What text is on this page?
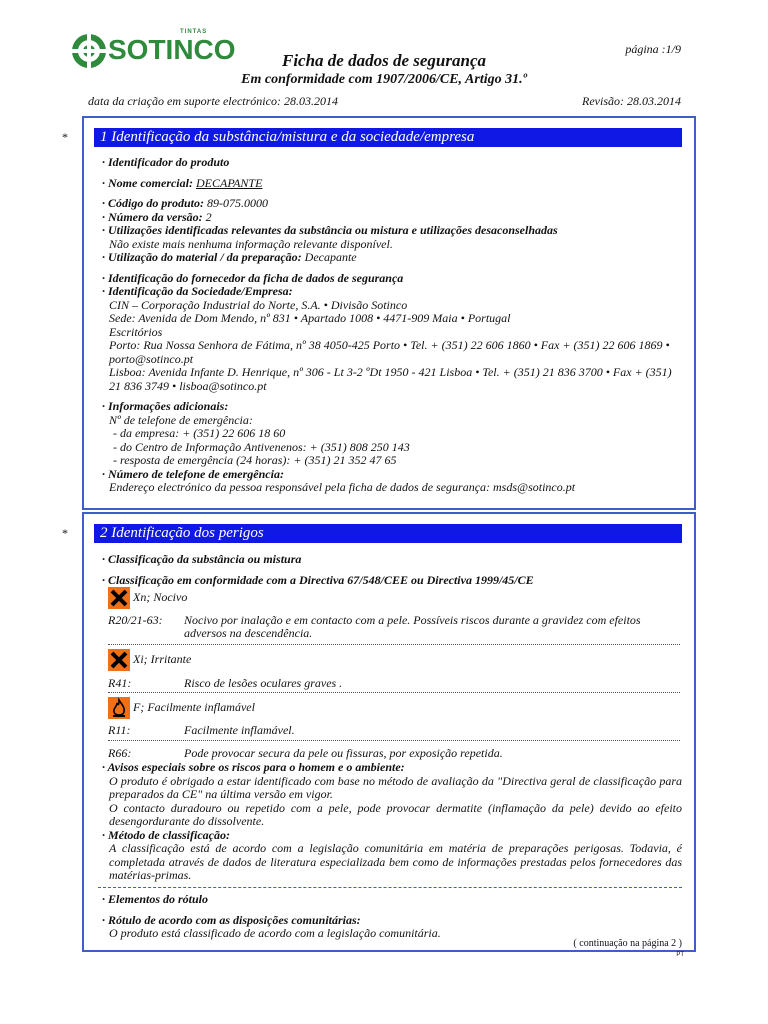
TINTAS
SOTINCO	página :1/9
Ficha de dados de segurança
Em conformidade com 1907/2006/CE, Artigo 31.º
data da criação em suporte electrónico: 28.03.2014	Revisão: 28.03.2014
*	1 Identificação da substância/mistura e da sociedade/empresa

· Identificador do produto

· Nome comercial: DECAPANTE

· Código do produto: 89-075.0000

· Número da versão: 2

· Utilizações identificadas relevantes da substância ou mistura e utilizações desaconselhadas

Não existe mais nenhuma informação relevante disponível.

· Utilização do material / da preparação: Decapante

· Identificação do fornecedor da ficha de dados de segurança

· Identificação da Sociedade/Empresa:

CIN – Corporação Industrial do Norte, S.A. • Divisão Sotinco

Sede: Avenida de Dom Mendo, nº 831 • Apartado 1008 • 4471-909 Maia • Portugal

Escritórios

Porto: Rua Nossa Senhora de Fátima, nº 38 4050-425 Porto • Tel. + (351) 22 606 1860 • Fax + (351) 22 606 1869 • porto@sotinco.pt

Lisboa: Avenida Infante D. Henrique, nº 306 - Lt 3-2 ºDt 1950 - 421 Lisboa • Tel. + (351) 21 836 3700 • Fax + (351) 21 836 3749 • lisboa@sotinco.pt

· Informações adicionais:

Nº de telefone de emergência:

- da empresa: + (351) 22 606 18 60

- do Centro de Informação Antivenenos: + (351) 808 250 143

- resposta de emergência (24 horas): + (351) 21 352 47 65

· Número de telefone de emergência:

Endereço electrónico da pessoa responsável pela ficha de dados de segurança: msds@sotinco.pt

*	2 Identificação dos perigos

· Classificação da substância ou mistura

· Classificação em conformidade com a Directiva 67/548/CEE ou Directiva 1999/45/CE

Xn; Nocivo
R20/21-63: Nocivo por inalação e em contacto com a pele. Possíveis riscos durante a gravidez com efeitos adversos na descendência.
Xi; Irritante
R41:	Risco de lesões oculares graves .
F; Facilmente inflamável
R11:	Facilmente inflamável.
R66:	Pode provocar secura da pele ou fissuras, por exposição repetida.

· Avisos especiais sobre os riscos para o homem e o ambiente:

O produto é obrigado a estar identificado com base no método de avaliação da "Directiva geral de classificação para preparados da CE" na última versão em vigor.

O contacto duradouro ou repetido com a pele, pode provocar dermatite (inflamação da pele) devido ao efeito desengordurante do dissolvente.

· Método de classificação:

A classificação está de acordo com a legislação comunitária em matéria de preparações perigosas. Todavia, é completada através de dados de literatura especializada bem como de informações prestadas pelos fornecedores das matérias-primas.

· Elementos do rótulo

· Rótulo de acordo com as disposições comunitárias:

O produto está classificado de acordo com a legislação comunitária.

( continuação na página 2 )
PT
